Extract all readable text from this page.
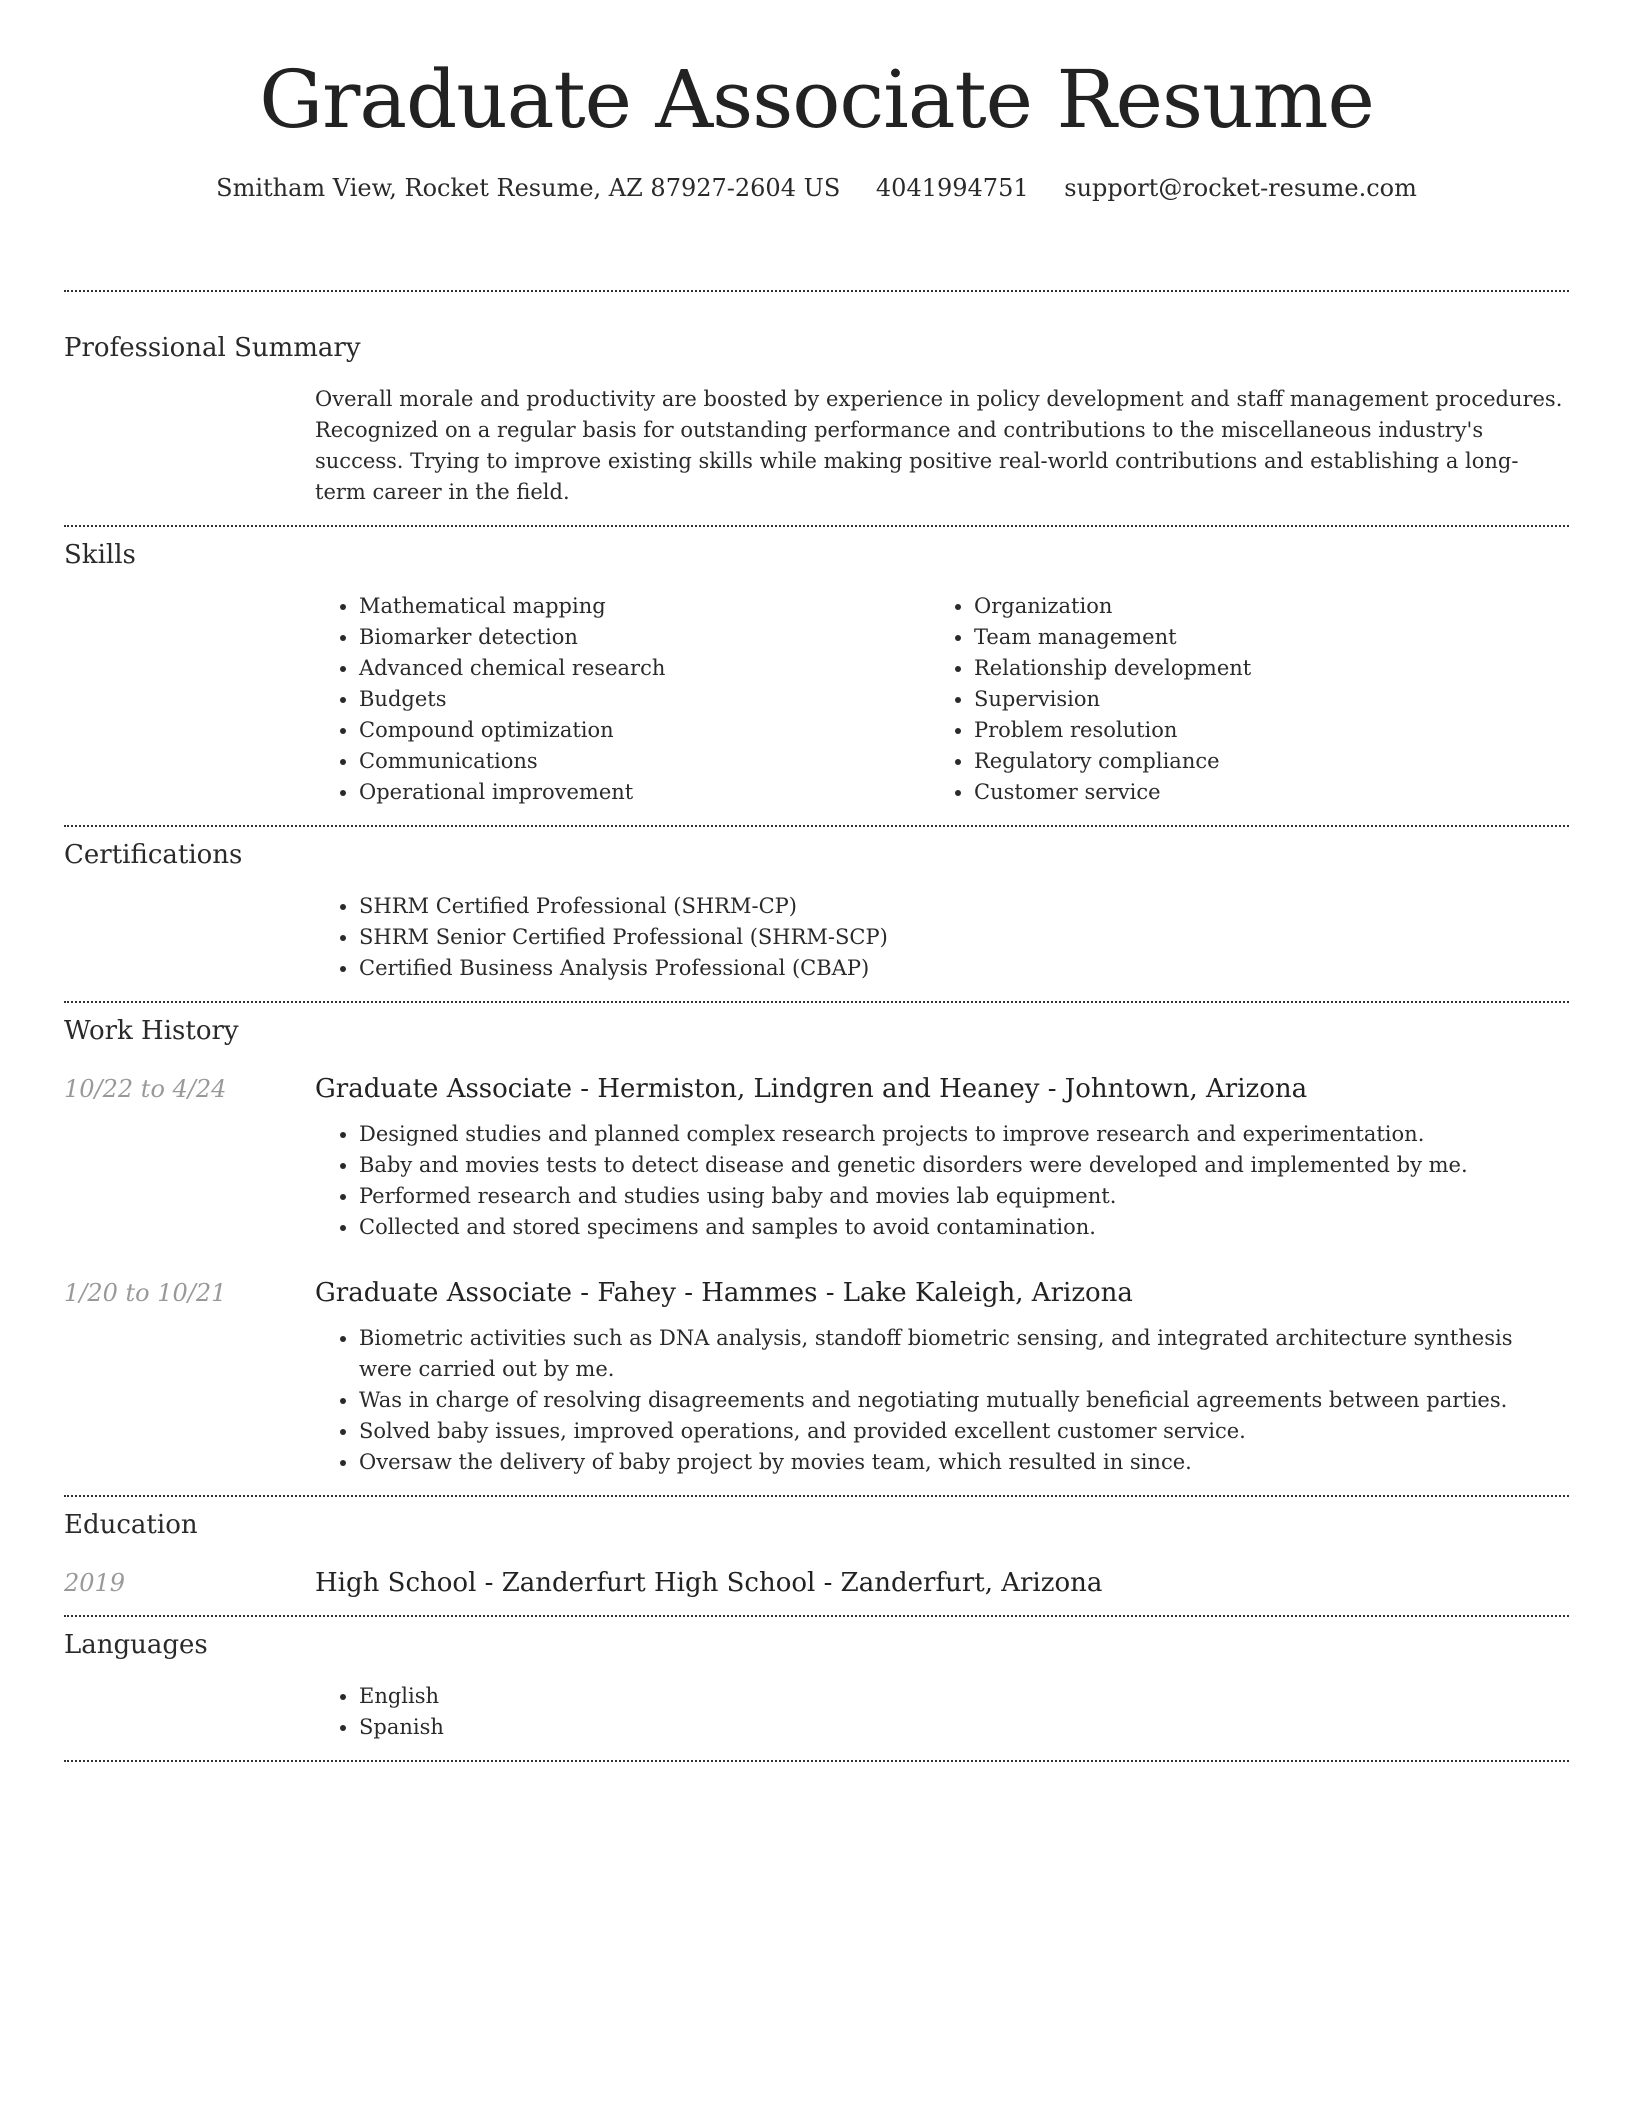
Graduate Associate Resume
Smitham View, Rocket Resume, AZ 87927-2604 US 4041994751 support@rocket-resume.com
Professional Summary

Overall morale and productivity are boosted by experience in policy development and staff management procedures. Recognized on a regular basis for outstanding performance and contributions to the miscellaneous industry's success. Trying to improve existing skills while making positive real-world contributions and establishing a long-term career in the field.

Skills
• Mathematical mapping
• Biomarker detection
• Advanced chemical research
• Budgets
• Compound optimization
• Communications
• Operational improvement
• Organization
• Team management
• Relationship development
• Supervision
• Problem resolution
• Regulatory compliance
• Customer service
Certifications
• SHRM Certified Professional (SHRM-CP)
• SHRM Senior Certified Professional (SHRM-SCP)
• Certified Business Analysis Professional (CBAP)
Work History
10/22 to 4/24	Graduate Associate - Hermiston, Lindgren and Heaney - Johntown, Arizona
• Designed studies and planned complex research projects to improve research and experimentation.
• Baby and movies tests to detect disease and genetic disorders were developed and implemented by me.
• Performed research and studies using baby and movies lab equipment.
• Collected and stored specimens and samples to avoid contamination.
1/20 to 10/21	Graduate Associate - Fahey - Hammes - Lake Kaleigh, Arizona
• Biometric activities such as DNA analysis, standoff biometric sensing, and integrated architecture synthesis were carried out by me.
• Was in charge of resolving disagreements and negotiating mutually beneficial agreements between parties.
• Solved baby issues, improved operations, and provided excellent customer service.
• Oversaw the delivery of baby project by movies team, which resulted in since.
Education
2019	High School - Zanderfurt High School - Zanderfurt, Arizona
Languages
• English
• Spanish
